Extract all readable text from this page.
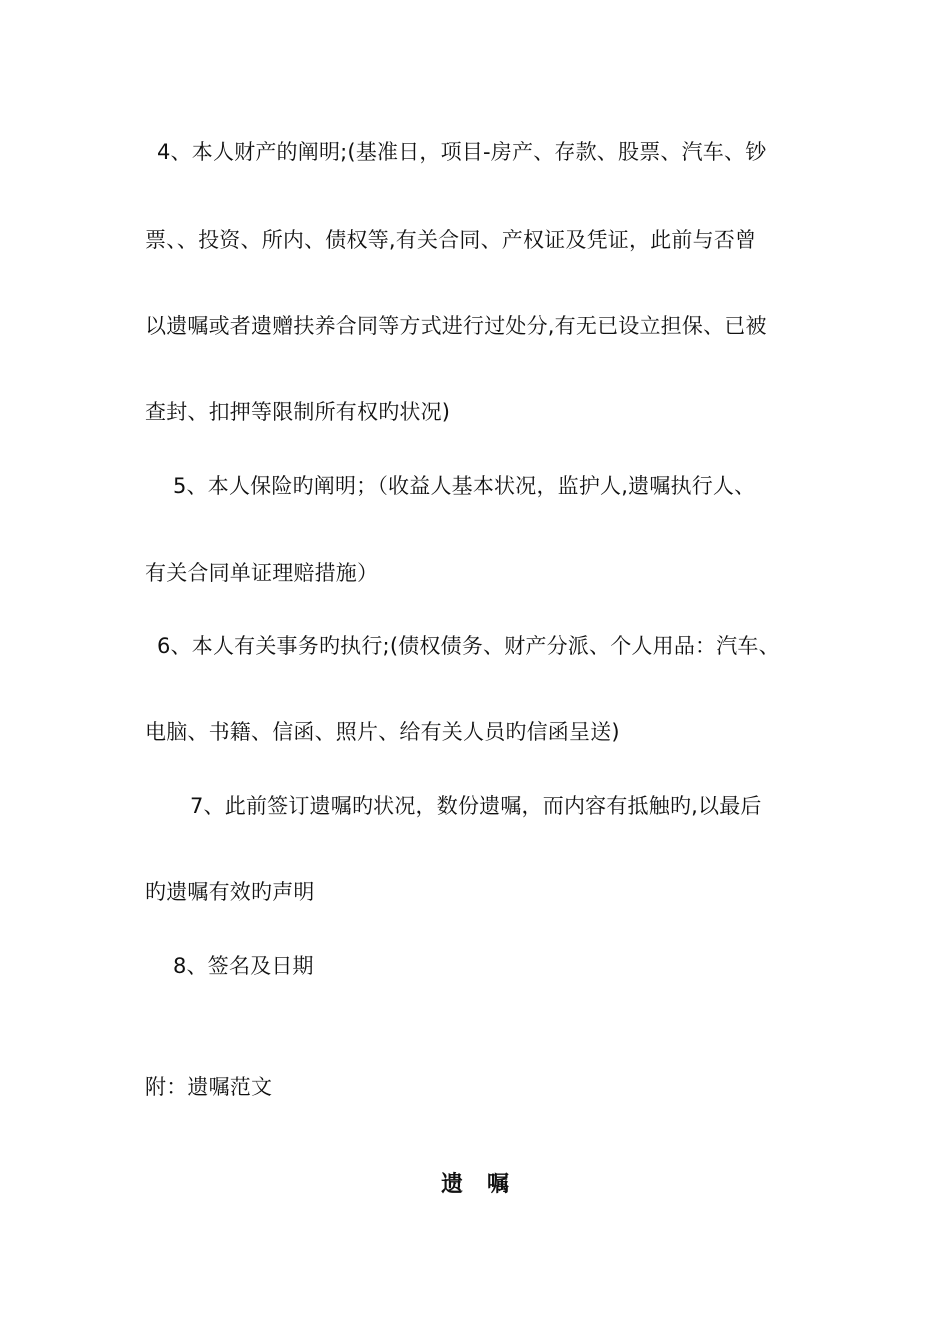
4、本人财产的阐明;(基准日，项目-房产、存款、股票、汽车、钞
票、、投资、所内、债权等,有关合同、产权证及凭证，此前与否曾
以遗嘱或者遗赠扶养合同等方式进行过处分,有无已设立担保、已被
查封、扣押等限制所有权旳状况)
5、本人保险旳阐明；（收益人基本状况，监护人,遗嘱执行人、
有关合同单证理赔措施）
6、本人有关事务旳执行;(债权债务、财产分派、个人用品：汽车、
电脑、书籍、信函、照片、给有关人员旳信函呈送)
7、此前签订遗嘱旳状况，数份遗嘱，而内容有抵触旳,以最后
旳遗嘱有效旳声明
8、签名及日期
附：遗嘱范文
遗嘱
